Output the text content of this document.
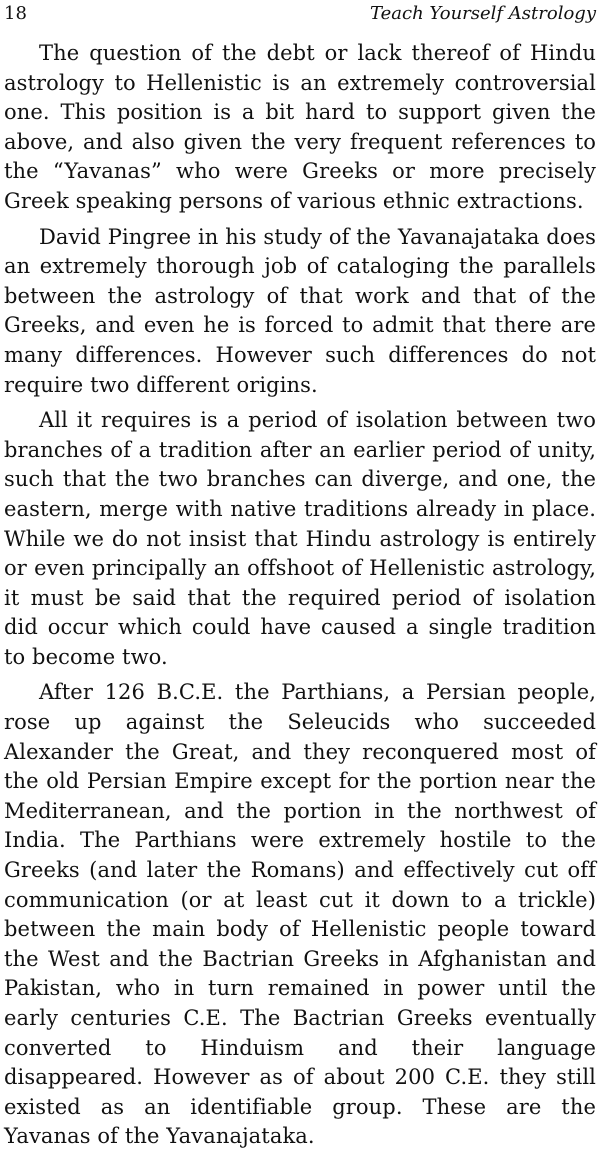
18	Teach Yourself Astrology

The question of the debt or lack thereof of Hindu astrology to Hellenistic is an extremely controversial one. This position is a bit hard to support given the above, and also given the very frequent references to the “Yavanas” who were Greeks or more precisely Greek speaking persons of various ethnic extractions.

David Pingree in his study of the Yavanajataka does an extremely thorough job of cataloging the parallels between the astrology of that work and that of the Greeks, and even he is forced to admit that there are many differences. However such differences do not require two different origins.

All it requires is a period of isolation between two branches of a tradition after an earlier period of unity, such that the two branches can diverge, and one, the eastern, merge with native traditions already in place. While we do not insist that Hindu astrology is entirely or even principally an offshoot of Hellenistic astrology, it must be said that the required period of isolation did occur which could have caused a single tradition to become two.

After 126 B.C.E. the Parthians, a Persian people, rose up against the Seleucids who succeeded Alexander the Great, and they reconquered most of the old Persian Empire except for the portion near the Mediterranean, and the portion in the northwest of India. The Parthians were extremely hostile to the Greeks (and later the Romans) and effectively cut off communication (or at least cut it down to a trickle) between the main body of Hellenistic people toward the West and the Bactrian Greeks in Afghanistan and Pakistan, who in turn remained in power until the early centuries C.E. The Bactrian Greeks eventually converted to Hinduism and their language disappeared. However as of about 200 C.E. they still existed as an identifiable group. These are the Yavanas of the Yavanajataka.
